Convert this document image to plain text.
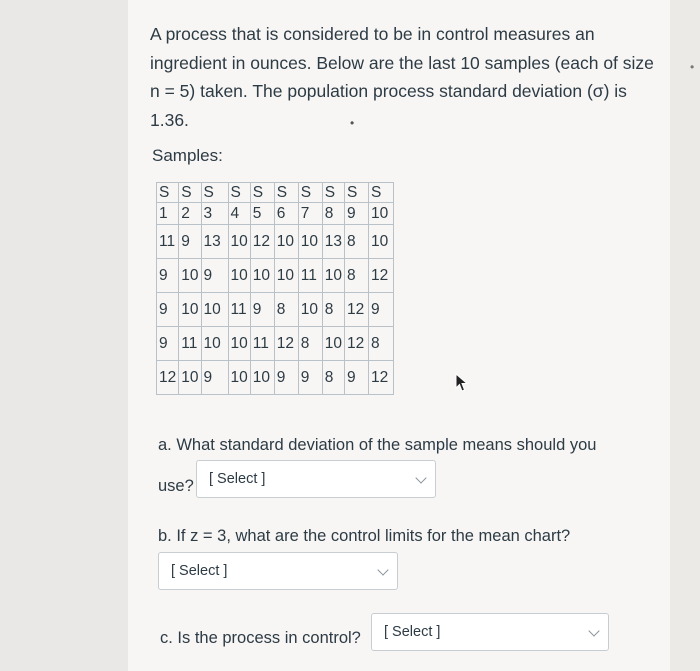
•
A process that is considered to be in control measures an ingredient in ounces. Below are the last 10 samples (each of size n = 5) taken. The population process standard deviation (σ) is 1.36.	•
Samples:
S	S	S	S	S	S	S	S	S	S
1	2	3	4	5	6	7	8	9	10
11	9	13	10	12	10	10	13	8	10
9	10	9	10	10	10	11	10	8	12
9	10	10	11	9	8	10	8	12	9
9	11	10	10	11	12	8	10	12	8
12	10	9	10	10	9	9	8	9	12
a. What standard deviation of the sample means should you
use? [ Select ]
b. If z = 3, what are the control limits for the mean chart?
[ Select ]
c. Is the process in control? [ Select ]
